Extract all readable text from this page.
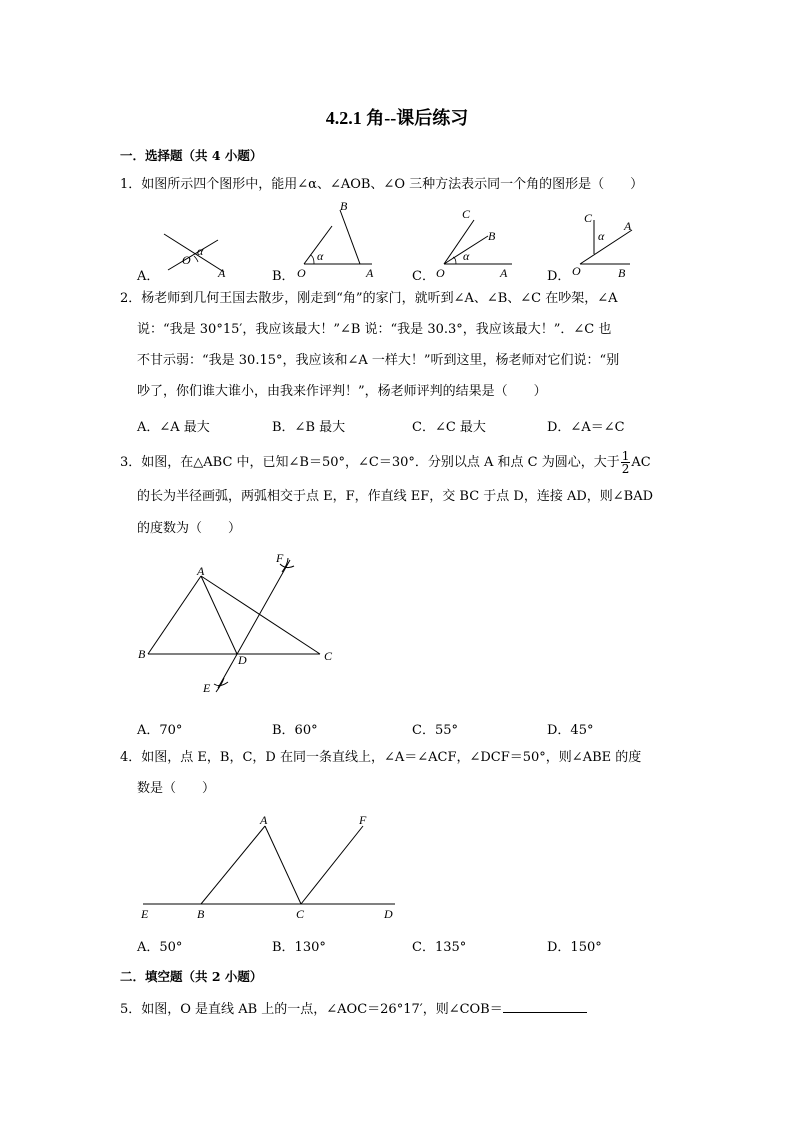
4.2.1 角--课后练习
一．选择题（共 4 小题）
1．如图所示四个图形中，能用∠α、∠AOB、∠O 三种方法表示同一个角的图形是（　　）
α
O
A
B
α
O	A
C
B
α
O	A
C
α
A
O	B
A．	B．	C．	D．
2．杨老师到几何王国去散步，刚走到“角”的家门，就听到∠A、∠B、∠C 在吵架，∠A
说：“我是 30°15′，我应该最大！”∠B 说：“我是 30.3°，我应该最大！”．∠C 也
不甘示弱：“我是 30.15°，我应该和∠A 一样大！”听到这里，杨老师对它们说：“别
吵了，你们谁大谁小，由我来作评判！”，杨老师评判的结果是（　　）
A．∠A 最大	B．∠B 最大	C．∠C 最大	D．∠A＝∠C
3．如图，在△ABC 中，已知∠B＝50°，∠C＝30°．分别以点 A 和点 C 为圆心，大于 $\frac{1}{2}$ AC
的长为半径画弧，两弧相交于点 E，F，作直线 EF，交 BC 于点 D，连接 AD，则∠BAD
的度数为（　　）
A
B	C
D
E
F
A．70°	B．60°	C．55°	D．45°
4．如图，点 E，B，C，D 在同一条直线上，∠A＝∠ACF，∠DCF＝50°，则∠ABE 的度
数是（　　）
A	F
E	B	C	D
A．50°	B．130°	C．135°	D．150°
二．填空题（共 2 小题）
5．如图，O 是直线 AB 上的一点，∠AOC＝26°17′，则∠COB＝
